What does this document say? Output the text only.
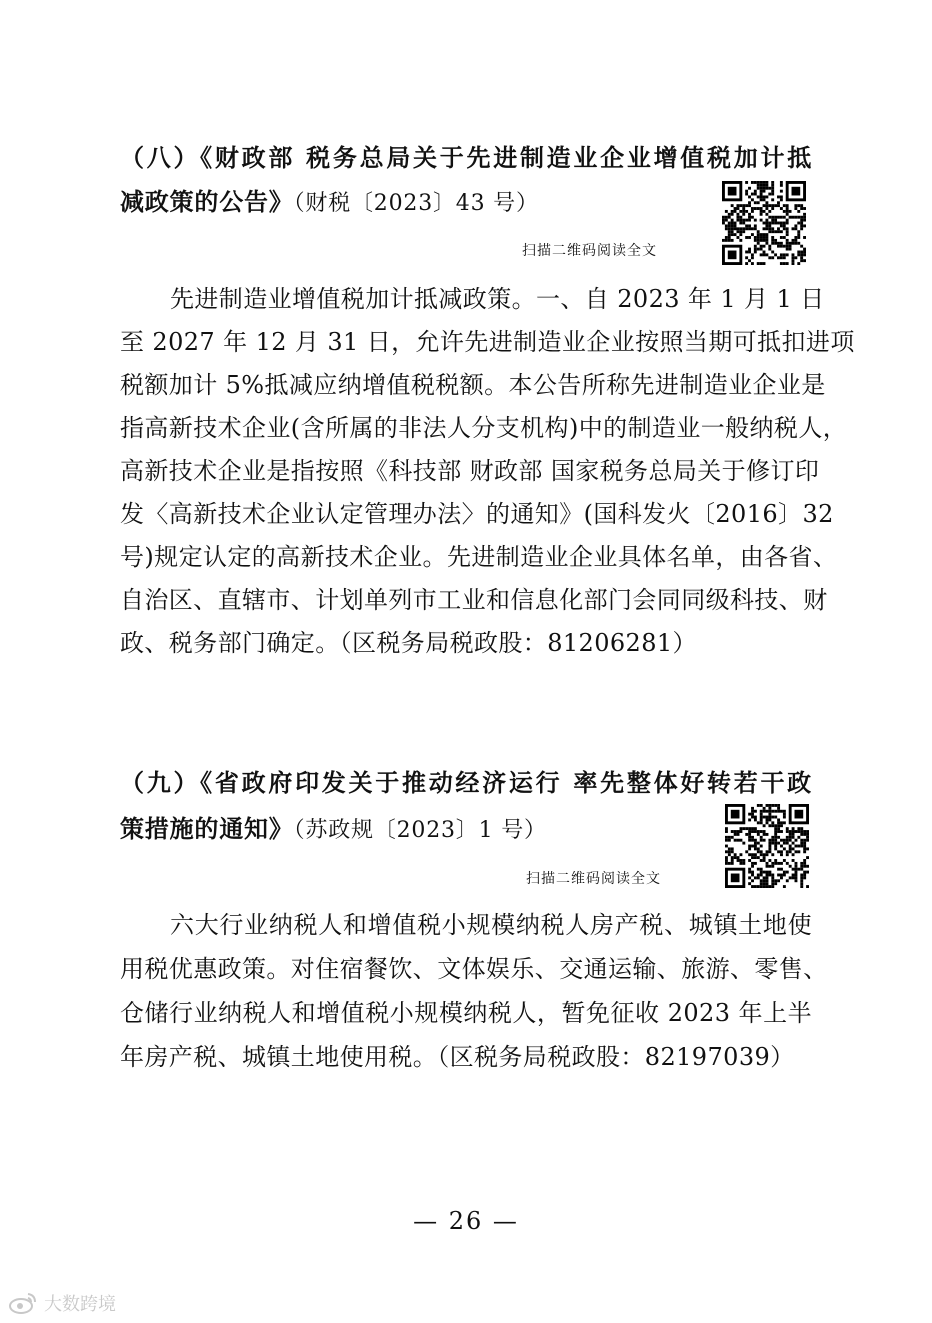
（八）《财政部 税务总局关于先进制造业企业增值税加计抵
减政策的公告》（财税〔2023〕43 号）
扫描二维码阅读全文
先进制造业增值税加计抵减政策。一、自 2023 年 1 月 1 日
至 2027 年 12 月 31 日，允许先进制造业企业按照当期可抵扣进项
税额加计 5%抵减应纳增值税税额。本公告所称先进制造业企业是
指高新技术企业(含所属的非法人分支机构)中的制造业一般纳税人，
高新技术企业是指按照《科技部 财政部 国家税务总局关于修订印
发〈高新技术企业认定管理办法〉的通知》(国科发火〔2016〕32
号)规定认定的高新技术企业。先进制造业企业具体名单，由各省、
自治区、直辖市、计划单列市工业和信息化部门会同同级科技、财
政、税务部门确定。（区税务局税政股：81206281）
（九）《省政府印发关于推动经济运行 率先整体好转若干政
策措施的通知》（苏政规〔2023〕1 号）
扫描二维码阅读全文
六大行业纳税人和增值税小规模纳税人房产税、城镇土地使
用税优惠政策。对住宿餐饮、文体娱乐、交通运输、旅游、零售、
仓储行业纳税人和增值税小规模纳税人，暂免征收 2023 年上半
年房产税、城镇土地使用税。（区税务局税政股：82197039）
— 26 —
大数跨境
